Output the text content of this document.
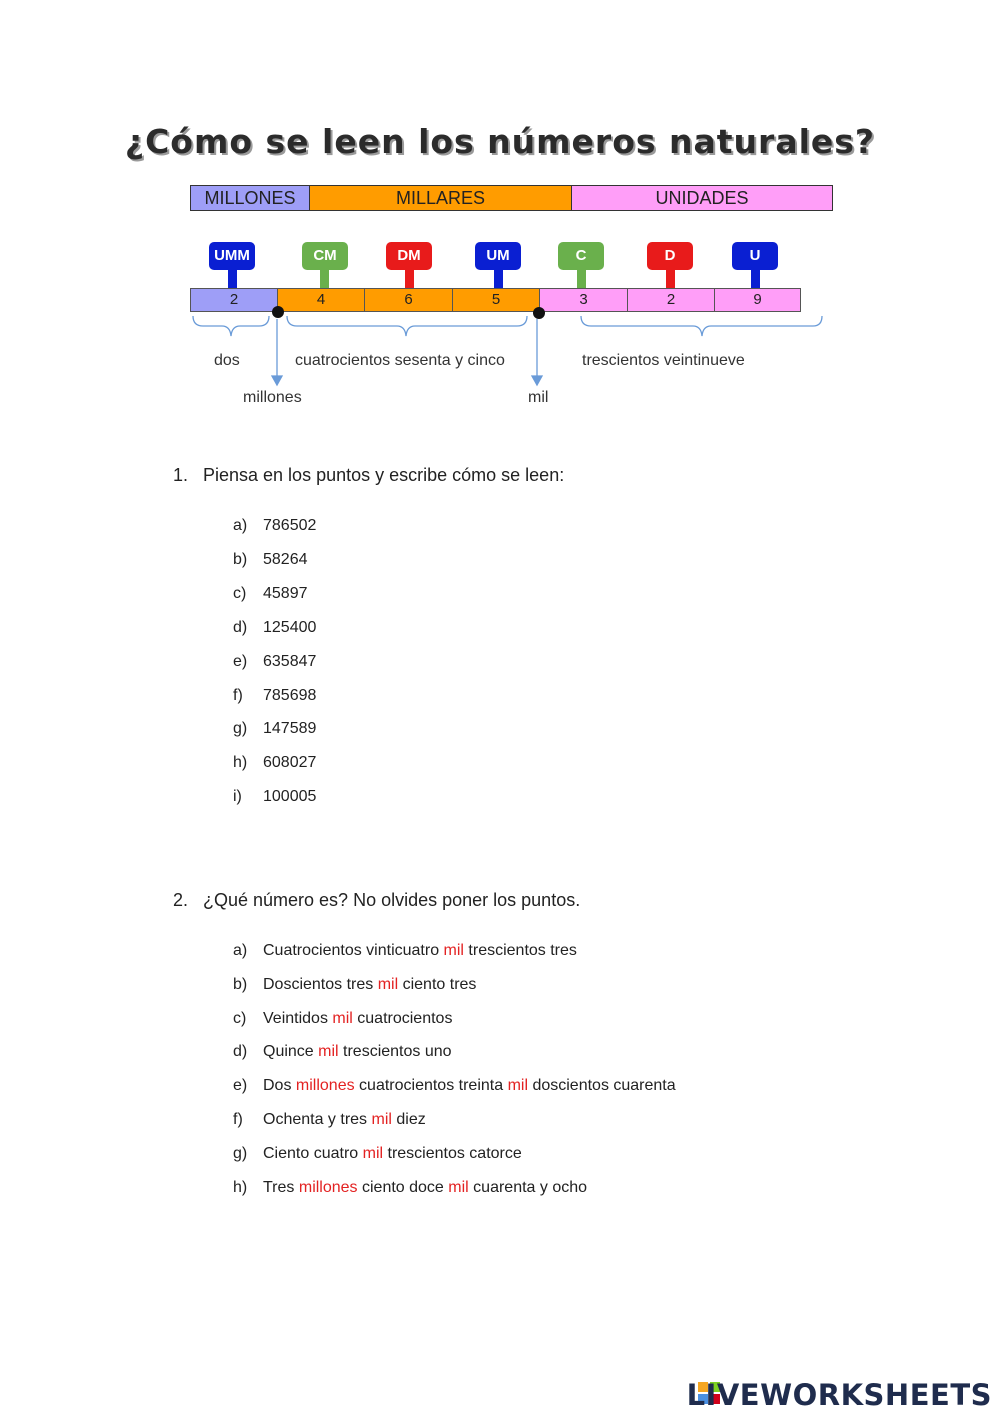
¿Cómo se leen los números naturales?
MILLONES	MILLARES	UNIDADES
UMM	CM	DM	UM	C	D	U
2	4	6	5	3	2	9
dos	cuatrocientos sesenta y cinco	trescientos veintinueve
millones	mil
1. Piensa en los puntos y escribe cómo se leen:
a) 786502
b) 58264
c) 45897
d) 125400
e) 635847
f) 785698
g) 147589
h) 608027
i) 100005
2. ¿Qué número es? No olvides poner los puntos.
a) Cuatrocientos vinticuatro mil trescientos tres
b) Doscientos tres mil ciento tres
c) Veintidos mil cuatrocientos
d) Quince mil trescientos uno
e) Dos millones cuatrocientos treinta mil doscientos cuarenta
f) Ochenta y tres mil diez
g) Ciento cuatro mil trescientos catorce
h) Tres millones ciento doce mil cuarenta y ocho
LIVEWORKSHEETS
